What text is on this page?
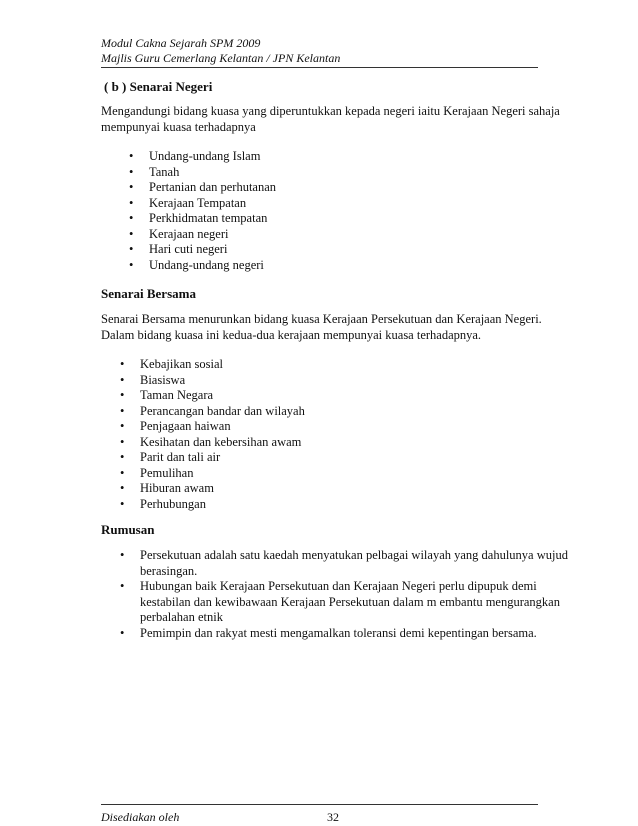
Modul Cakna Sejarah SPM 2009
Majlis Guru Cemerlang Kelantan / JPN Kelantan
( b ) Senarai Negeri
Mengandungi bidang kuasa yang diperuntukkan kepada negeri iaitu Kerajaan Negeri sahaja mempunyai kuasa terhadapnya
• Undang-undang Islam
• Tanah
• Pertanian dan perhutanan
• Kerajaan Tempatan
• Perkhidmatan tempatan
• Kerajaan negeri
• Hari cuti negeri
• Undang-undang negeri
Senarai Bersama
Senarai Bersama menurunkan bidang kuasa Kerajaan Persekutuan dan Kerajaan Negeri. Dalam bidang kuasa ini kedua-dua kerajaan mempunyai kuasa terhadapnya.
• Kebajikan sosial
• Biasiswa
• Taman Negara
• Perancangan bandar dan wilayah
• Penjagaan haiwan
• Kesihatan dan kebersihan awam
• Parit dan tali air
• Pemulihan
• Hiburan awam
• Perhubungan
Rumusan
• Persekutuan adalah satu kaedah menyatukan pelbagai wilayah yang dahulunya wujud berasingan.
• Hubungan baik Kerajaan Persekutuan dan Kerajaan Negeri perlu dipupuk demi kestabilan dan kewibawaan Kerajaan Persekutuan dalam m embantu mengurangkan perbalahan etnik
• Pemimpin dan rakyat mesti mengamalkan toleransi demi kepentingan bersama.
Disediakan oleh	32
